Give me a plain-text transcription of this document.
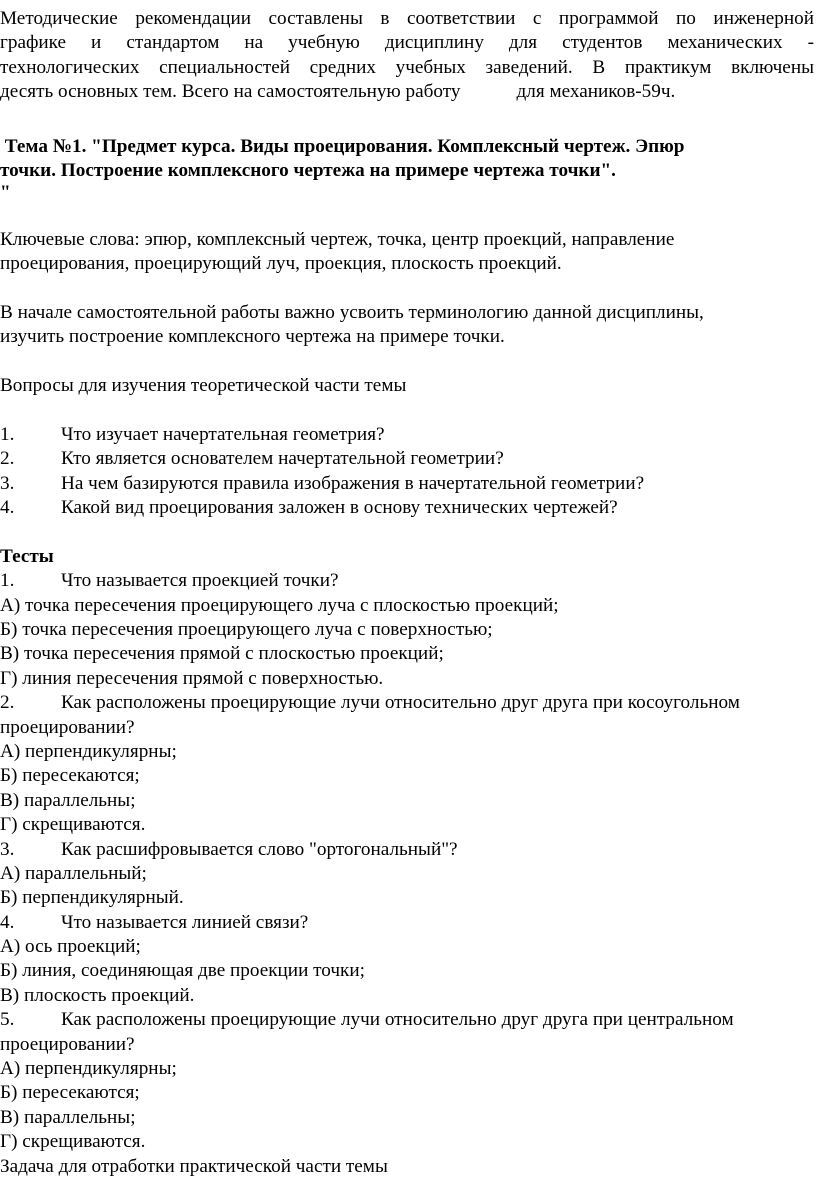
Методические рекомендации составлены в соответствии с программой по инженерной
графике и стандартом на учебную дисциплину для студентов механических -
технологических специальностей средних учебных заведений. В практикум включены
десять основных тем. Всего на самостоятельную работу	для механиков-59ч.
Тема №1. "Предмет курса. Виды проецирования. Комплексный чертеж. Эпюр
точки. Построение комплексного чертежа на примере чертежа точки".
"
Ключевые слова: эпюр, комплексный чертеж, точка, центр проекций, направление
проецирования, проецирующий луч, проекция, плоскость проекций.
В начале самостоятельной работы важно усвоить терминологию данной дисциплины,
изучить построение комплексного чертежа на примере точки.
Вопросы для изучения теоретической части темы
1. Что изучает начертательная геометрия?
2. Кто является основателем начертательной геометрии?
3. На чем базируются правила изображения в начертательной геометрии?
4. Какой вид проецирования заложен в основу технических чертежей?
Тесты
1. Что называется проекцией точки?
А) точка пересечения проецирующего луча с плоскостью проекций;
Б) точка пересечения проецирующего луча с поверхностью;
В) точка пересечения прямой с плоскостью проекций;
Г) линия пересечения прямой с поверхностью.
2. Как расположены проецирующие лучи относительно друг друга при косоугольном
проецировании?
А) перпендикулярны;
Б) пересекаются;
В) параллельны;
Г) скрещиваются.
3. Как расшифровывается слово "ортогональный"?
А) параллельный;
Б) перпендикулярный.
4. Что называется линией связи?
А) ось проекций;
Б) линия, соединяющая две проекции точки;
В) плоскость проекций.
5. Как расположены проецирующие лучи относительно друг друга при центральном
проецировании?
А) перпендикулярны;
Б) пересекаются;
В) параллельны;
Г) скрещиваются.
Задача для отработки практической части темы
